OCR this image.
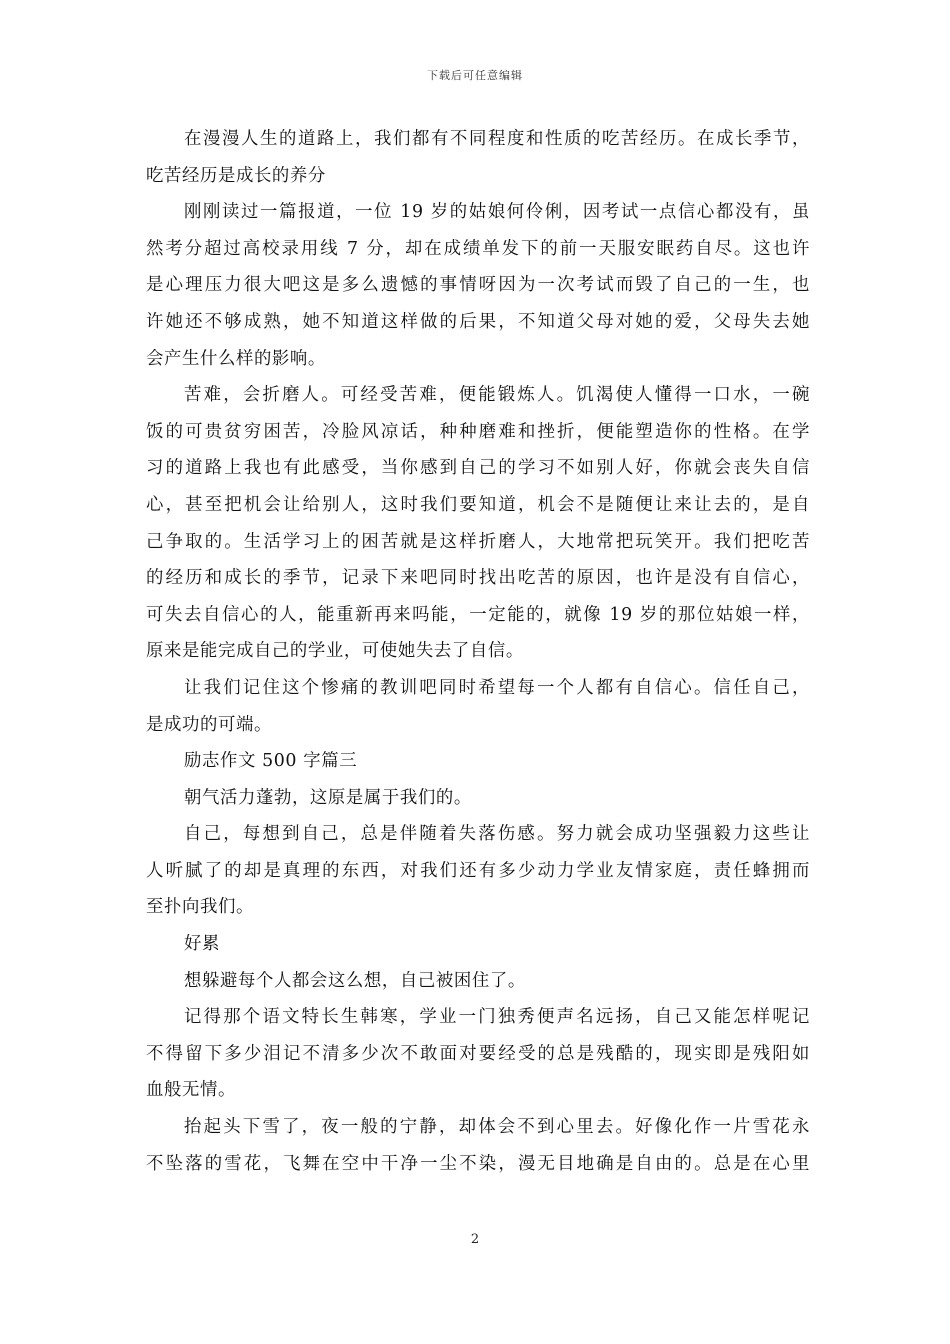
下载后可任意编辑
在漫漫人生的道路上，我们都有不同程度和性质的吃苦经历。在成长季节，
吃苦经历是成长的养分
刚刚读过一篇报道，一位 19 岁的姑娘何伶俐，因考试一点信心都没有，虽
然考分超过高校录用线 7 分，却在成绩单发下的前一天服安眠药自尽。这也许
是心理压力很大吧这是多么遗憾的事情呀因为一次考试而毁了自己的一生，也
许她还不够成熟，她不知道这样做的后果，不知道父母对她的爱，父母失去她
会产生什么样的影响。
苦难，会折磨人。可经受苦难，便能锻炼人。饥渴使人懂得一口水，一碗
饭的可贵贫穷困苦，冷脸风凉话，种种磨难和挫折，便能塑造你的性格。在学
习的道路上我也有此感受，当你感到自己的学习不如别人好，你就会丧失自信
心，甚至把机会让给别人，这时我们要知道，机会不是随便让来让去的，是自
己争取的。生活学习上的困苦就是这样折磨人，大地常把玩笑开。我们把吃苦
的经历和成长的季节，记录下来吧同时找出吃苦的原因，也许是没有自信心，
可失去自信心的人，能重新再来吗能，一定能的，就像 19 岁的那位姑娘一样，
原来是能完成自己的学业，可使她失去了自信。
让我们记住这个惨痛的教训吧同时希望每一个人都有自信心。信任自己，
是成功的可端。
励志作文 500 字篇三
朝气活力蓬勃，这原是属于我们的。
自己，每想到自己，总是伴随着失落伤感。努力就会成功坚强毅力这些让
人听腻了的却是真理的东西，对我们还有多少动力学业友情家庭，责任蜂拥而
至扑向我们。
好累
想躲避每个人都会这么想，自己被困住了。
记得那个语文特长生韩寒，学业一门独秀便声名远扬，自己又能怎样呢记
不得留下多少泪记不清多少次不敢面对要经受的总是残酷的，现实即是残阳如
血般无情。
抬起头下雪了，夜一般的宁静，却体会不到心里去。好像化作一片雪花永
不坠落的雪花，飞舞在空中干净一尘不染，漫无目地确是自由的。总是在心里
2
